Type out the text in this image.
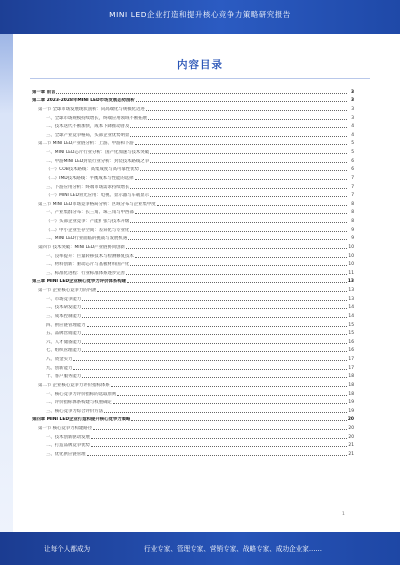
MINI LED企业打造和提升核心竞争力策略研究报告
内容目录
第一章 前言	3
第二章 2023-2028年MINI LED市场发展态势剖析	3
第一节 全球市场发展现状剖析：向高端化与规模化迈进	3
一、全球市场规模持续增长，终端应用领域不断拓展	3
二、技术迭代不断加快，成本下降推动普及	4
三、全球产业竞争格局，头部企业优势明显	4
第二节 MINI LED产业链分析：上游、中游和下游	5
一、MINI LED芯片行业分析：国产化加速与技术突破	5
二、中游MINI LED封装行业分析：封装技术路线之争	6
（一）COB技术路线：高集成度与高可靠性优势	6
（二）IMD技术路线：平衡成本与性能的选择	7
三、下游应用分析：终端市场需求持续增长	7
（一）MINI LED背光应用：电视、显示器与车载显示	7
第三节 MINI LED市场竞争格局分析：区域分布与企业集中度	8
一、产业集群分布：长三角、珠三角与中西部	8
（一）头部企业竞争：产能扩张与技术升级	8
（二）中小企业生存空间：差异化与专业化	9
二、MINI LED行业面临的挑战与发展机遇	9
第四节 技术突破：MINI LED产业链协同创新	10
一、良率提升：巨量转移技术与检测修复技术	10
二、材料创新：驱动芯片与基板材料国产化	10
三、标准化进程：行业标准体系逐步完善	11
第三章 MINI LED企业核心竞争力评价体系构建	13
第一节 企业核心竞争力的内涵	13
一、市场竞争能力	13
二、技术研发能力	14
三、成本控制能力	14
四、供应链管理能力	15
五、品牌营销能力	15
六、人才储备能力	16
七、组织管理能力	16
八、资金实力	17
九、创新能力	17
十、客户服务能力	18
第二节 企业核心竞争力评价指标体系	18
一、核心竞争力评价指标的选取原则	18
二、评价指标体系构建与权重确定	19
三、核心竞争力综合评价方法	19
第四章 MINI LED企业打造和提升核心竞争力策略	20
第一节 核心竞争力构建路径	20
一、技术创新驱动发展	20
二、打造品牌竞争优势	21
三、优化供应链管理	21
1
让每个人都成为	行业专家、管理专家、营销专家、战略专家、成功企业家……
